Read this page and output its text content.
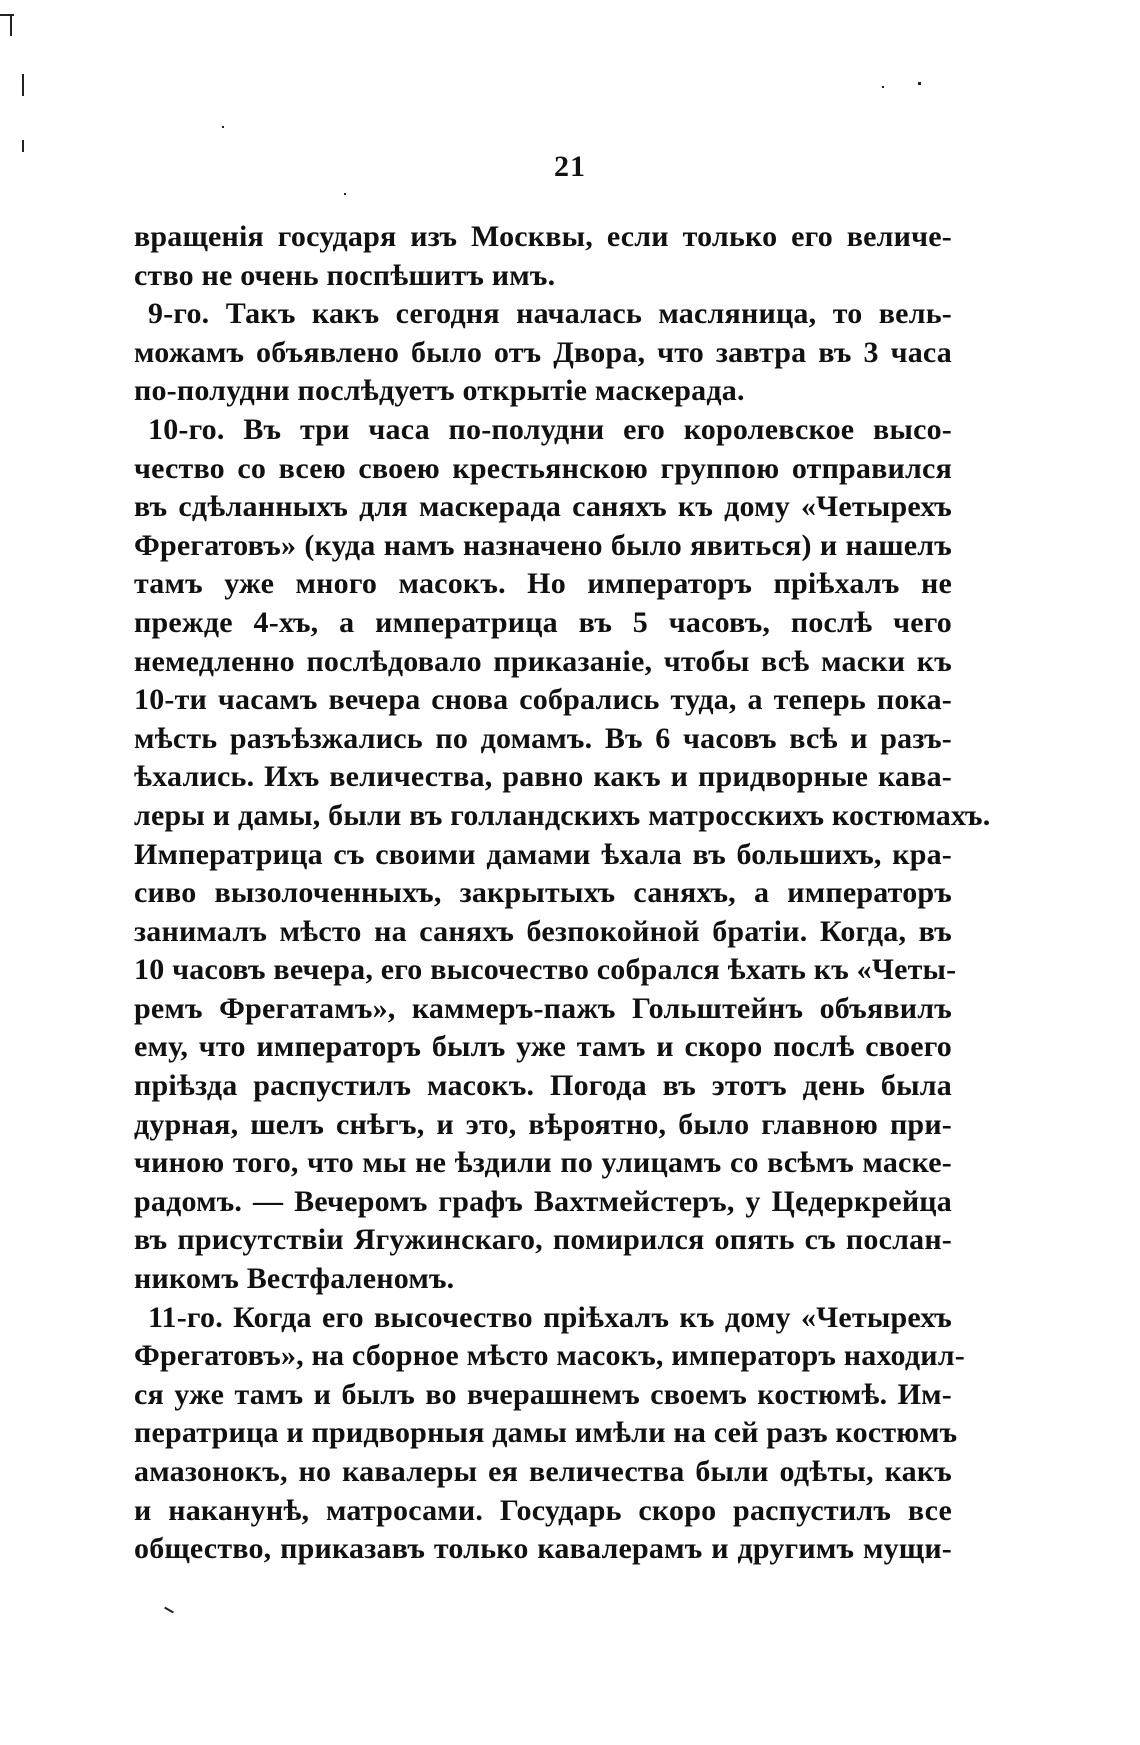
21
вращенія государя изъ Москвы, если только его величе-
ство не очень поспѣшитъ имъ.
9-го. Такъ какъ сегодня началась масляница, то вель-
можамъ объявлено было отъ Двора, что завтра въ 3 часа
по-полудни послѣдуетъ открытіе маскерада.
10-го. Въ три часа по-полудни его королевское высо-
чество со всею своею крестьянскою группою отправился
въ сдѣланныхъ для маскерада саняхъ къ дому «Четырехъ
Фрегатовъ» (куда намъ назначено было явиться) и нашелъ
тамъ уже много масокъ. Но императоръ пріѣхалъ не
прежде 4-хъ, а императрица въ 5 часовъ, послѣ чего
немедленно послѣдовало приказаніе, чтобы всѣ маски къ
10-ти часамъ вечера снова собрались туда, а теперь пока-
мѣсть разъѣзжались по домамъ. Въ 6 часовъ всѣ и разъ-
ѣхались. Ихъ величества, равно какъ и придворные кава-
леры и дамы, были въ голландскихъ матросскихъ костюмахъ.
Императрица съ своими дамами ѣхала въ большихъ, кра-
сиво вызолоченныхъ, закрытыхъ саняхъ, а императоръ
занималъ мѣсто на саняхъ безпокойной братіи. Когда, въ
10 часовъ вечера, его высочество собрался ѣхать къ «Четы-
ремъ Фрегатамъ», каммеръ-пажъ Гольштейнъ объявилъ
ему, что императоръ былъ уже тамъ и скоро послѣ своего
пріѣзда распустилъ масокъ. Погода въ этотъ день была
дурная, шелъ снѣгъ, и это, вѣроятно, было главною при-
чиною того, что мы не ѣздили по улицамъ со всѣмъ маске-
радомъ. — Вечеромъ графъ Вахтмейстеръ, у Цедеркрейца
въ присутствіи Ягужинскаго, помирился опять съ послан-
никомъ Вестфаленомъ.
11-го. Когда его высочество пріѣхалъ къ дому «Четырехъ
Фрегатовъ», на сборное мѣсто масокъ, императоръ находил-
ся уже тамъ и былъ во вчерашнемъ своемъ костюмѣ. Им-
ператрица и придворныя дамы имѣли на сей разъ костюмъ
амазонокъ, но кавалеры ея величества были одѣты, какъ
и наканунѣ, матросами. Государь скоро распустилъ все
общество, приказавъ только кавалерамъ и другимъ мущи-
